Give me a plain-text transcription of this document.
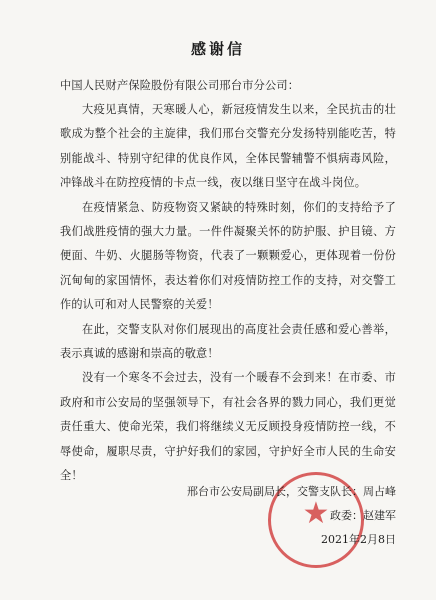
感谢信
中国人民财产保险股份有限公司邢台市分公司：

大疫见真情，天寒暖人心，新冠疫情发生以来，全民抗击的壮歌成为整个社会的主旋律，我们邢台交警充分发扬特别能吃苦，特别能战斗、特别守纪律的优良作风，全体民警辅警不惧病毒风险，冲锋战斗在防控疫情的卡点一线，夜以继日坚守在战斗岗位。

在疫情紧急、防疫物资又紧缺的特殊时刻，你们的支持给予了我们战胜疫情的强大力量。一件件凝聚关怀的防护服、护目镜、方便面、牛奶、火腿肠等物资，代表了一颗颗爱心，更体现着一份份沉甸甸的家国情怀，表达着你们对疫情防控工作的支持，对交警工作的认可和对人民警察的关爱！

在此，交警支队对你们展现出的高度社会责任感和爱心善举，表示真诚的感谢和崇高的敬意！

没有一个寒冬不会过去，没有一个暖春不会到来！在市委、市政府和市公安局的坚强领导下，有社会各界的戮力同心，我们更觉责任重大、使命光荣，我们将继续义无反顾投身疫情防控一线，不辱使命，履职尽责，守护好我们的家园，守护好全市人民的生命安全！

★
邢台市公安局副局长，交警支队长：周占峰
政委：赵建军
2021年2月8日
